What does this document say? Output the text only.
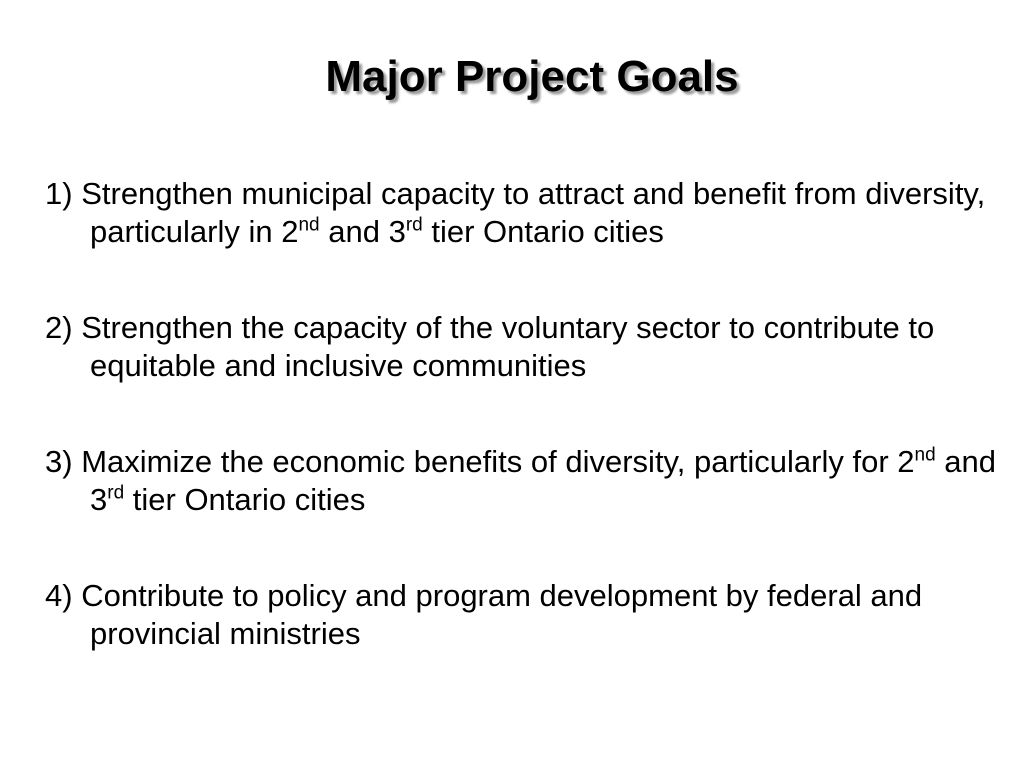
Major Project Goals
1) Strengthen municipal capacity to attract and benefit from diversity, particularly in 2nd and 3rd tier Ontario cities
2) Strengthen the capacity of the voluntary sector to contribute to equitable and inclusive communities
3) Maximize the economic benefits of diversity, particularly for 2nd and 3rd tier Ontario cities
4) Contribute to policy and program development by federal and provincial ministries
